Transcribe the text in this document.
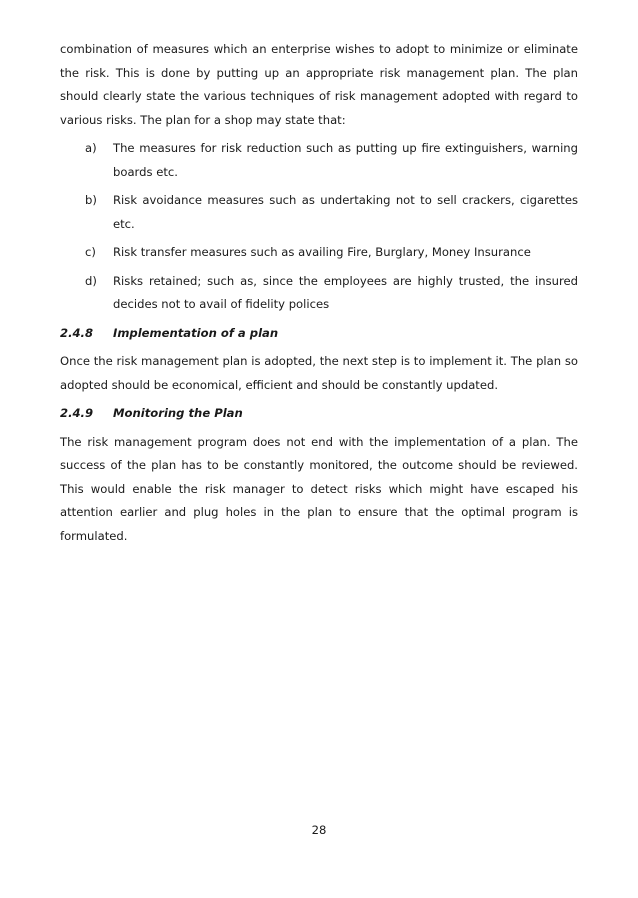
combination of measures which an enterprise wishes to adopt to minimize or eliminate the risk. This is done by putting up an appropriate risk management plan. The plan should clearly state the various techniques of risk management adopted with regard to various risks. The plan for a shop may state that:

a)	The measures for risk reduction such as putting up fire extinguishers, warning boards etc.
b)	Risk avoidance measures such as undertaking not to sell crackers, cigarettes etc.
c)	Risk transfer measures such as availing Fire, Burglary, Money Insurance
d)	Risks retained; such as, since the employees are highly trusted, the insured decides not to avail of fidelity polices
2.4.8	Implementation of a plan

Once the risk management plan is adopted, the next step is to implement it. The plan so adopted should be economical, efficient and should be constantly updated.

2.4.9	Monitoring the Plan

The risk management program does not end with the implementation of a plan. The success of the plan has to be constantly monitored, the outcome should be reviewed. This would enable the risk manager to detect risks which might have escaped his attention earlier and plug holes in the plan to ensure that the optimal program is formulated.

28
